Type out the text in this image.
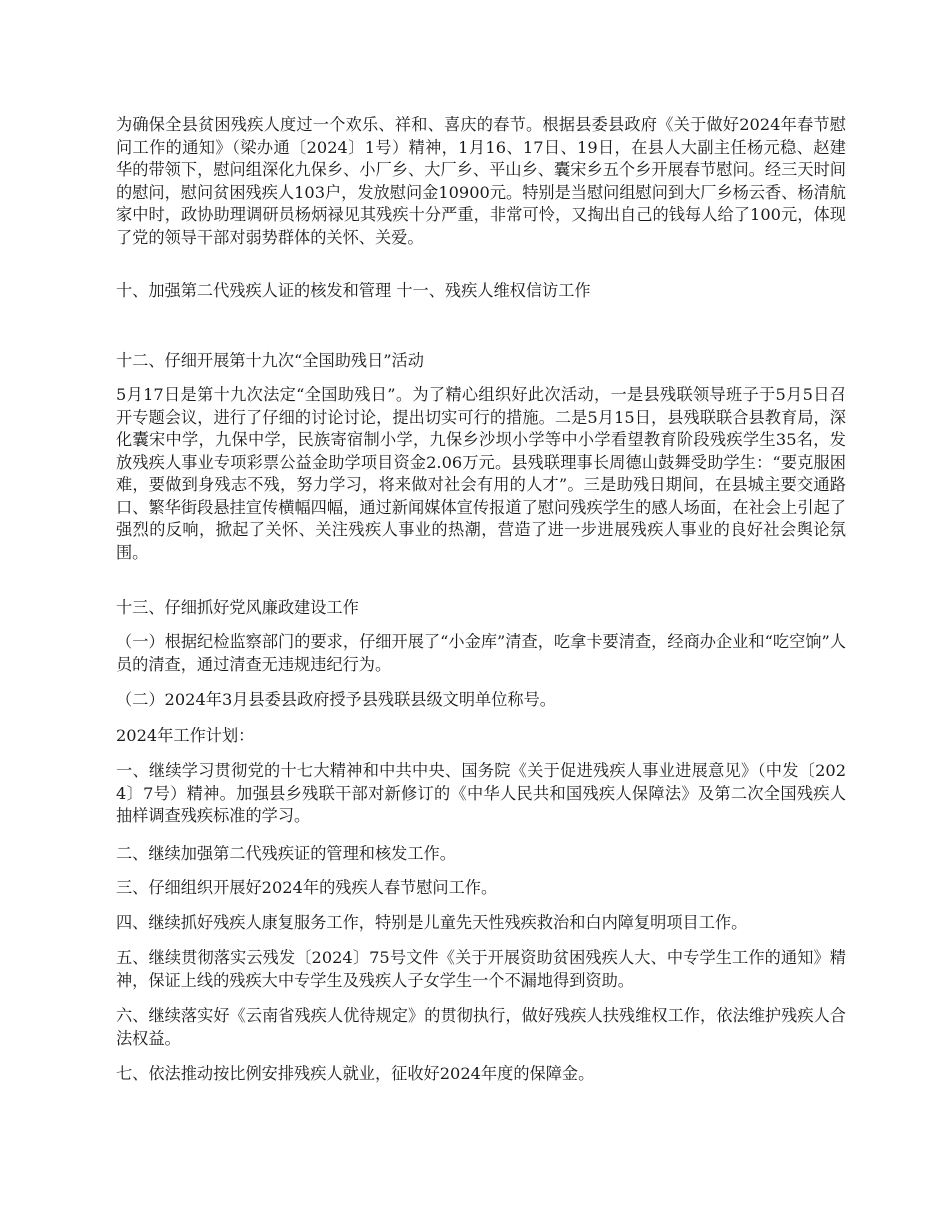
为确保全县贫困残疾人度过一个欢乐、祥和、喜庆的春节。根据县委县政府《关于做好2024年春节慰问工作的通知》（梁办通〔2024〕1号）精神，1月16、17日、19日，在县人大副主任杨元稳、赵建华的带领下，慰问组深化九保乡、小厂乡、大厂乡、平山乡、囊宋乡五个乡开展春节慰问。经三天时间的慰问，慰问贫困残疾人103户，发放慰问金10900元。特别是当慰问组慰问到大厂乡杨云香、杨清航家中时，政协助理调研员杨炳禄见其残疾十分严重，非常可怜，又掏出自己的钱每人给了100元，体现了党的领导干部对弱势群体的关怀、关爱。

十、加强第二代残疾人证的核发和管理 十一、残疾人维权信访工作

十二、仔细开展第十九次“全国助残日”活动

5月17日是第十九次法定“全国助残日”。为了精心组织好此次活动，一是县残联领导班子于5月5日召开专题会议，进行了仔细的讨论讨论，提出切实可行的措施。二是5月15日，县残联联合县教育局，深化囊宋中学，九保中学，民族寄宿制小学，九保乡沙坝小学等中小学看望教育阶段残疾学生35名，发放残疾人事业专项彩票公益金助学项目资金2.06万元。县残联理事长周德山鼓舞受助学生：“要克服困难，要做到身残志不残，努力学习，将来做对社会有用的人才”。三是助残日期间，在县城主要交通路口、繁华街段悬挂宣传横幅四幅，通过新闻媒体宣传报道了慰问残疾学生的感人场面，在社会上引起了强烈的反响，掀起了关怀、关注残疾人事业的热潮，营造了进一步进展残疾人事业的良好社会舆论氛围。

十三、仔细抓好党风廉政建设工作

（一）根据纪检监察部门的要求，仔细开展了“小金库”清查，吃拿卡要清查，经商办企业和“吃空饷”人员的清查，通过清查无违规违纪行为。

（二）2024年3月县委县政府授予县残联县级文明单位称号。

2024年工作计划：

一、继续学习贯彻党的十七大精神和中共中央、国务院《关于促进残疾人事业进展意见》（中发〔2024〕7号）精神。加强县乡残联干部对新修订的《中华人民共和国残疾人保障法》及第二次全国残疾人抽样调查残疾标准的学习。

二、继续加强第二代残疾证的管理和核发工作。

三、仔细组织开展好2024年的残疾人春节慰问工作。

四、继续抓好残疾人康复服务工作，特别是儿童先天性残疾救治和白内障复明项目工作。

五、继续贯彻落实云残发〔2024〕75号文件《关于开展资助贫困残疾人大、中专学生工作的通知》精神，保证上线的残疾大中专学生及残疾人子女学生一个不漏地得到资助。

六、继续落实好《云南省残疾人优待规定》的贯彻执行，做好残疾人扶残维权工作，依法维护残疾人合法权益。

七、依法推动按比例安排残疾人就业，征收好2024年度的保障金。
